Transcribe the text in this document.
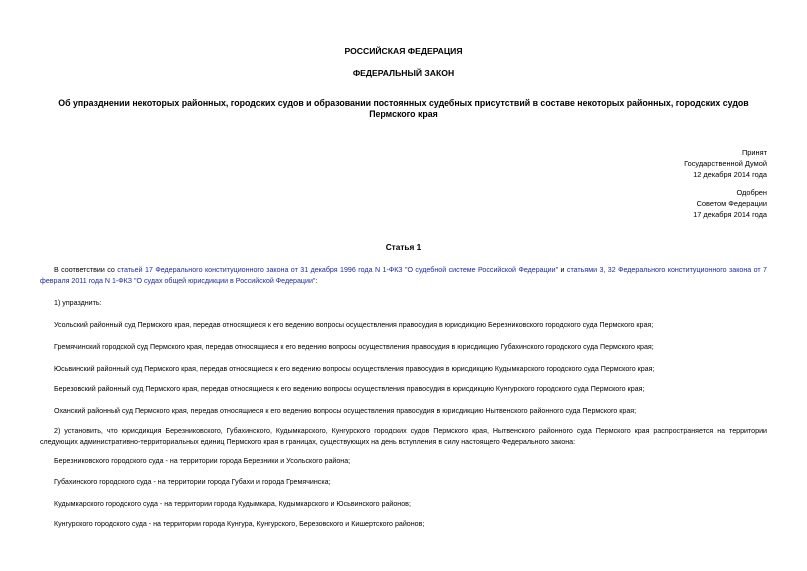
РОССИЙСКАЯ ФЕДЕРАЦИЯ
ФЕДЕРАЛЬНЫЙ ЗАКОН
Об упразднении некоторых районных, городских судов и образовании постоянных судебных присутствий в составе некоторых районных, городских судов Пермского края
Принят
Государственной Думой
12 декабря 2014 года
Одобрен
Советом Федерации
17 декабря 2014 года
Статья 1
В соответствии со статьей 17 Федерального конституционного закона от 31 декабря 1996 года N 1-ФКЗ "О судебной системе Российской Федерации" и статьями 3, 32 Федерального конституционного закона от 7 февраля 2011 года N 1-ФКЗ "О судах общей юрисдикции в Российской Федерации":
1) упразднить:
Усольский районный суд Пермского края, передав относящиеся к его ведению вопросы осуществления правосудия в юрисдикцию Березниковского городского суда Пермского края;
Гремячинский городской суд Пермского края, передав относящиеся к его ведению вопросы осуществления правосудия в юрисдикцию Губахинского городского суда Пермского края;
Юсьвинский районный суд Пермского края, передав относящиеся к его ведению вопросы осуществления правосудия в юрисдикцию Кудымкарского городского суда Пермского края;
Березовский районный суд Пермского края, передав относящиеся к его ведению вопросы осуществления правосудия в юрисдикцию Кунгурского городского суда Пермского края;
Оханский районный суд Пермского края, передав относящиеся к его ведению вопросы осуществления правосудия в юрисдикцию Нытвенского районного суда Пермского края;
2) установить, что юрисдикция Березниковского, Губахинского, Кудымкарского, Кунгурского городских судов Пермского края, Нытвенского районного суда Пермского края распространяется на территории следующих административно-территориальных единиц Пермского края в границах, существующих на день вступления в силу настоящего Федерального закона:
Березниковского городского суда - на территории города Березники и Усольского района;
Губахинского городского суда - на территории города Губахи и города Гремячинска;
Кудымкарского городского суда - на территории города Кудымкара, Кудымкарского и Юсьвинского районов;
Кунгурского городского суда - на территории города Кунгура, Кунгурского, Березовского и Кишертского районов;
